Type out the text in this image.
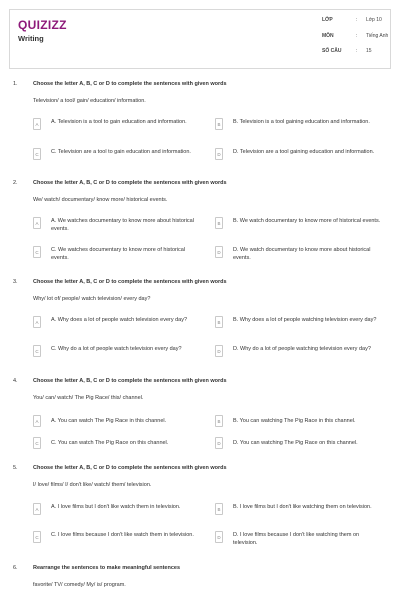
QUIZIZZ
Writing
LỚP	: Lớp 10
MÔN	: Tiếng Anh
SỐ CÂU	: 15
1.	Choose the letter A, B, C or D to complete the sentences with given words
Television/ a tool/ gain/ education/ information.
A	A. Television is a tool to gain education and information.	B	B. Television is a tool gaining education and information.
C	C. Television are a tool to gain education and information.	D	D. Television are a tool gaining education and information.
2.	Choose the letter A, B, C or D to complete the sentences with given words
We/ watch/ documentary/ know more/ historical events.
A	A. We watches documentary to know more about historical events.
B	B. We watch documentary to know more of historical events.
C	C. We watches documentary to know more of historical events.
D	D. We watch documentary to know more about historical events.
3.	Choose the letter A, B, C or D to complete the sentences with given words
Why/ lot of/ people/ watch television/ every day?
A	A. Why does a lot of people watch television every day?	B	B. Why does a lot of people watching television every day?
C	C. Why do a lot of people watch television every day?	D	D. Why do a lot of people watching television every day?
4.	Choose the letter A, B, C or D to complete the sentences with given words
You/ can/ watch/ The Pig Race/ this/ channel.
A	A. You can watch The Pig Race in this channel.	B	B. You can watching The Pig Race in this channel.
C	C. You can watch The Pig Race on this channel.	D	D. You can watching The Pig Race on this channel.
5.	Choose the letter A, B, C or D to complete the sentences with given words
I/ love/ films/ I/ don't like/ watch/ them/ television.
A	A. I love films but I don't like watch them in television.	B	B. I love films but I don't like watching them on television.
C	C. I love films because I don't like watch them in television.	D	D. I love films because I don't like watching them on television.
6.	Rearrange the sentences to make meaningful sentences
favorite/ TV/ comedy/ My/ is/ program.
